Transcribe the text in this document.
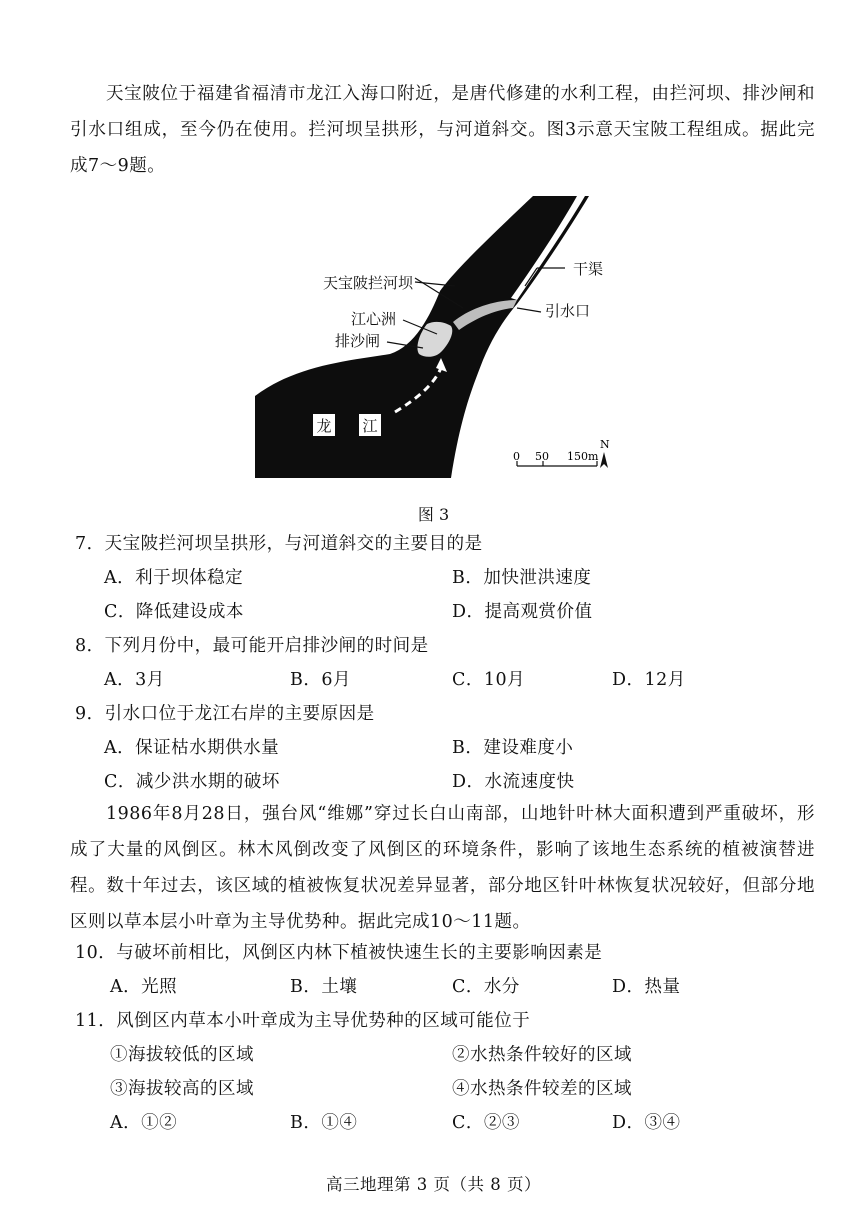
天宝陂位于福建省福清市龙江入海口附近，是唐代修建的水利工程，由拦河坝、排沙闸和引水口组成，至今仍在使用。拦河坝呈拱形，与河道斜交。图3示意天宝陂工程组成。据此完成7～9题。

龙 江
天宝陂拦河坝
干渠
江心洲	引水口
排沙闸
0 50 150m
N
图 3
7．天宝陂拦河坝呈拱形，与河道斜交的主要目的是
A．利于坝体稳定	B．加快泄洪速度
C．降低建设成本	D．提高观赏价值
8．下列月份中，最可能开启排沙闸的时间是
A．3月	B．6月	C．10月	D．12月
9．引水口位于龙江右岸的主要原因是
A．保证枯水期供水量	B．建设难度小
C．减少洪水期的破坏	D．水流速度快

1986年8月28日，强台风“维娜”穿过长白山南部，山地针叶林大面积遭到严重破坏，形成了大量的风倒区。林木风倒改变了风倒区的环境条件，影响了该地生态系统的植被演替进程。数十年过去，该区域的植被恢复状况差异显著，部分地区针叶林恢复状况较好，但部分地区则以草本层小叶章为主导优势种。据此完成10～11题。

10．与破坏前相比，风倒区内林下植被快速生长的主要影响因素是
A．光照	B．土壤	C．水分	D．热量
11．风倒区内草本小叶章成为主导优势种的区域可能位于
①海拔较低的区域	②水热条件较好的区域
③海拔较高的区域	④水热条件较差的区域
A．①②	B．①④	C．②③	D．③④
高三地理第 3 页（共 8 页）
